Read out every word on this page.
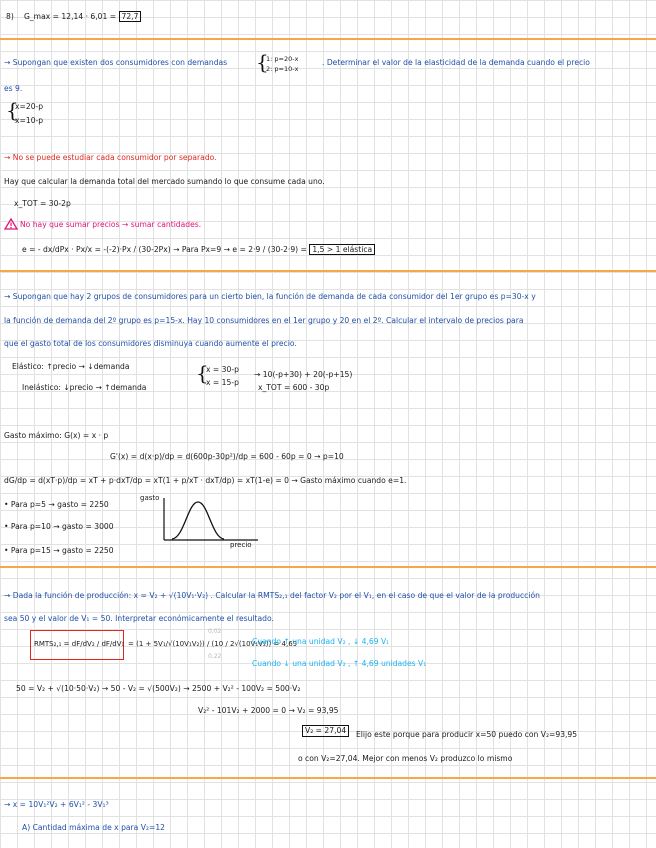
8) G_max = 12,14 · 6,01 = 72,7
→ Supongan que existen dos consumidores con demandas {
1: p=20-x
2: p=10-x
. Determinar el valor de la elasticidad de la demanda cuando el precio
es 9.
{
x=20-p
x=10-p
→ No se puede estudiar cada consumidor por separado.
Hay que calcular la demanda total del mercado sumando lo que consume cada uno.
x_TOT = 30-2p
No hay que sumar precios → sumar cantidades.
e = - dx/dPx · Px/x = -(-2)·Px / (30-2Px) → Para Px=9 → e = 2·9 / (30-2·9) = 1,5 > 1 elástica
→ Supongan que hay 2 grupos de consumidores para un cierto bien, la función de demanda de cada consumidor del 1er grupo es p=30-x y
la función de demanda del 2º grupo es p=15-x. Hay 10 consumidores en el 1er grupo y 20 en el 2º. Calcular el intervalo de precios para
que el gasto total de los consumidores disminuya cuando aumente el precio.
Elástico: ↑precio → ↓demanda
Inelástico: ↓precio → ↑demanda
{
x = 30-p
x = 15-p
→ 10(-p+30) + 20(-p+15)
x_TOT = 600 - 30p
Gasto máximo: G(x) = x · p
G'(x) = d(x·p)/dp = d(600p-30p²)/dp = 600 - 60p = 0 → p=10
dG/dp = d(xT·p)/dp = xT + p·dxT/dp = xT(1 + p/xT · dxT/dp) = xT(1-e) = 0 → Gasto máximo cuando e=1.
• Para p=5 → gasto = 2250
• Para p=10 → gasto = 3000
• Para p=15 → gasto = 2250
gasto
precio
→ Dada la función de producción: x = V₂ + √(10V₁·V₂) . Calcular la RMTS₂,₁ del factor V₂ por el V₁, en el caso de que el valor de la producción
sea 50 y el valor de V₁ = 50. Interpretar económicamente el resultado.
RMTS₂,₁ = dF/dV₂ / dF/dV₁ = (1 + 5V₁/√(10V₁V₂)) / (10 / 2√(10V₁V₂)) = 4,69
0,02
0,22
Cuando ↑ una unidad V₂ , ↓ 4,69 V₁
Cuando ↓ una unidad V₂ , ↑ 4,69 unidades V₁
50 = V₂ + √(10·50·V₂) → 50 - V₂ = √(500V₂) → 2500 + V₂² - 100V₂ = 500·V₂
V₂² - 101V₂ + 2000 = 0 → V₂ = 93,95
V₂ = 27,04	Elijo este porque para producir x=50 puedo con V₂=93,95
o con V₂=27,04. Mejor con menos V₂ produzco lo mismo
→ x = 10V₁²V₂ + 6V₁² - 3V₁³
A) Cantidad máxima de x para V₂=12
